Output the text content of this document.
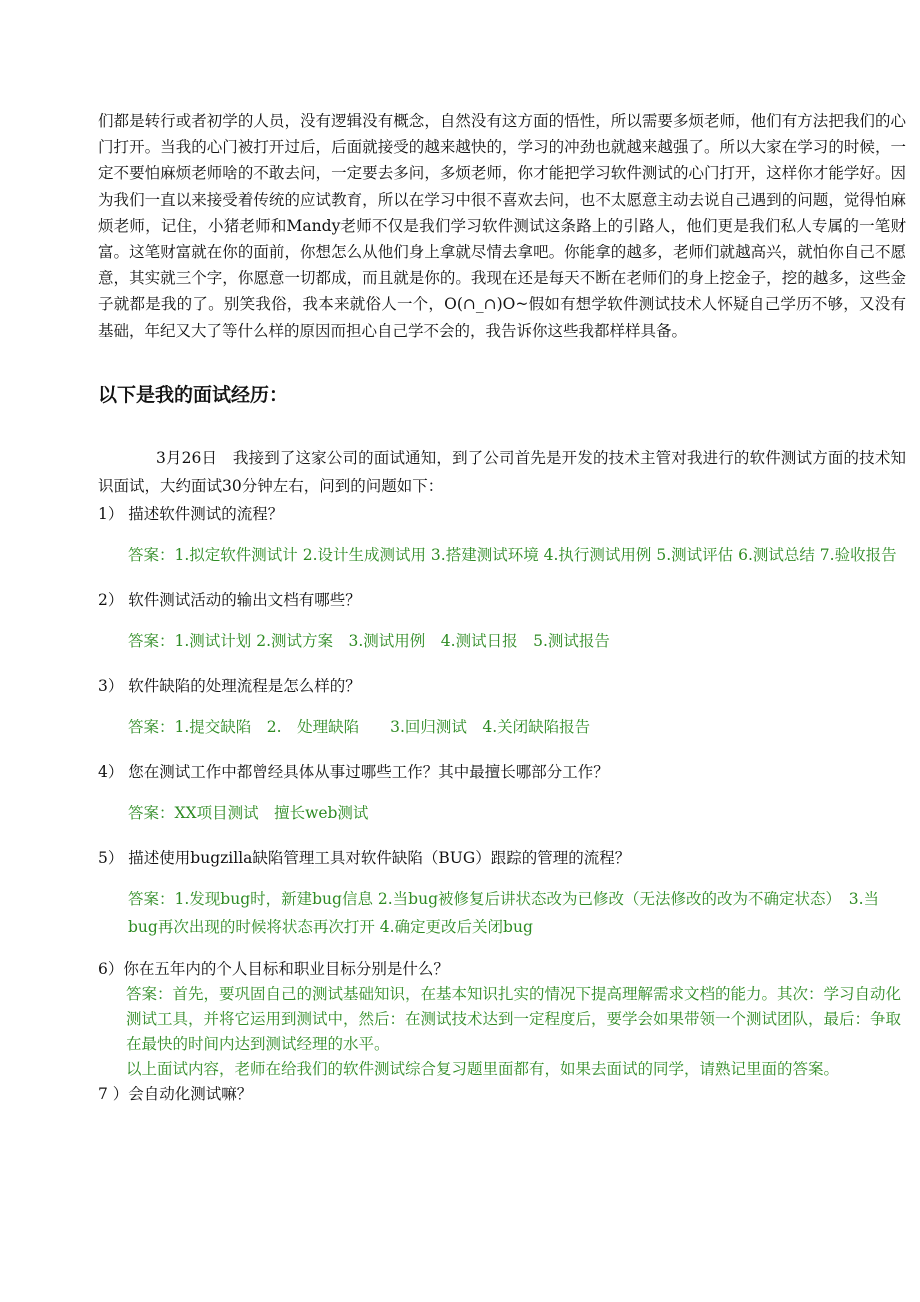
们都是转行或者初学的人员，没有逻辑没有概念，自然没有这方面的悟性，所以需要多烦老师，他们有方法把我们的心门打开。当我的心门被打开过后，后面就接受的越来越快的，学习的冲劲也就越来越强了。所以大家在学习的时候，一定不要怕麻烦老师啥的不敢去问，一定要去多问，多烦老师，你才能把学习软件测试的心门打开，这样你才能学好。因为我们一直以来接受着传统的应试教育，所以在学习中很不喜欢去问，也不太愿意主动去说自己遇到的问题，觉得怕麻烦老师，记住，小猪老师和Mandy老师不仅是我们学习软件测试这条路上的引路人，他们更是我们私人专属的一笔财富。这笔财富就在你的面前，你想怎么从他们身上拿就尽情去拿吧。你能拿的越多，老师们就越高兴，就怕你自己不愿意，其实就三个字，你愿意一切都成，而且就是你的。我现在还是每天不断在老师们的身上挖金子，挖的越多，这些金子就都是我的了。别笑我俗，我本来就俗人一个，O(∩_∩)O~假如有想学软件测试技术人怀疑自己学历不够，又没有基础，年纪又大了等什么样的原因而担心自己学不会的，我告诉你这些我都样样具备。

以下是我的面试经历：

3月26日　我接到了这家公司的面试通知，到了公司首先是开发的技术主管对我进行的软件测试方面的技术知识面试，大约面试30分钟左右，问到的问题如下：

1） 描述软件测试的流程？

答案：1.拟定软件测试计 2.设计生成测试用 3.搭建测试环境 4.执行测试用例 5.测试评估 6.测试总结 7.验收报告

2） 软件测试活动的输出文档有哪些？

答案：1.测试计划 2.测试方案　3.测试用例　4.测试日报　5.测试报告

3） 软件缺陷的处理流程是怎么样的？

答案：1.提交缺陷　2.　处理缺陷　　3.回归测试　4.关闭缺陷报告

4） 您在测试工作中都曾经具体从事过哪些工作？其中最擅长哪部分工作？

答案：XX项目测试　擅长web测试

5） 描述使用bugzilla缺陷管理工具对软件缺陷（BUG）跟踪的管理的流程？

答案：1.发现bug时，新建bug信息 2.当bug被修复后讲状态改为已修改（无法修改的改为不确定状态）　3.当bug再次出现的时候将状态再次打开 4.确定更改后关闭bug

6）你在五年内的个人目标和职业目标分别是什么？

答案：首先，要巩固自己的测试基础知识，在基本知识扎实的情况下提高理解需求文档的能力。其次：学习自动化测试工具，并将它运用到测试中，然后：在测试技术达到一定程度后，要学会如果带领一个测试团队，最后：争取在最快的时间内达到测试经理的水平。

以上面试内容，老师在给我们的软件测试综合复习题里面都有，如果去面试的同学，请熟记里面的答案。

7 ）会自动化测试嘛？
